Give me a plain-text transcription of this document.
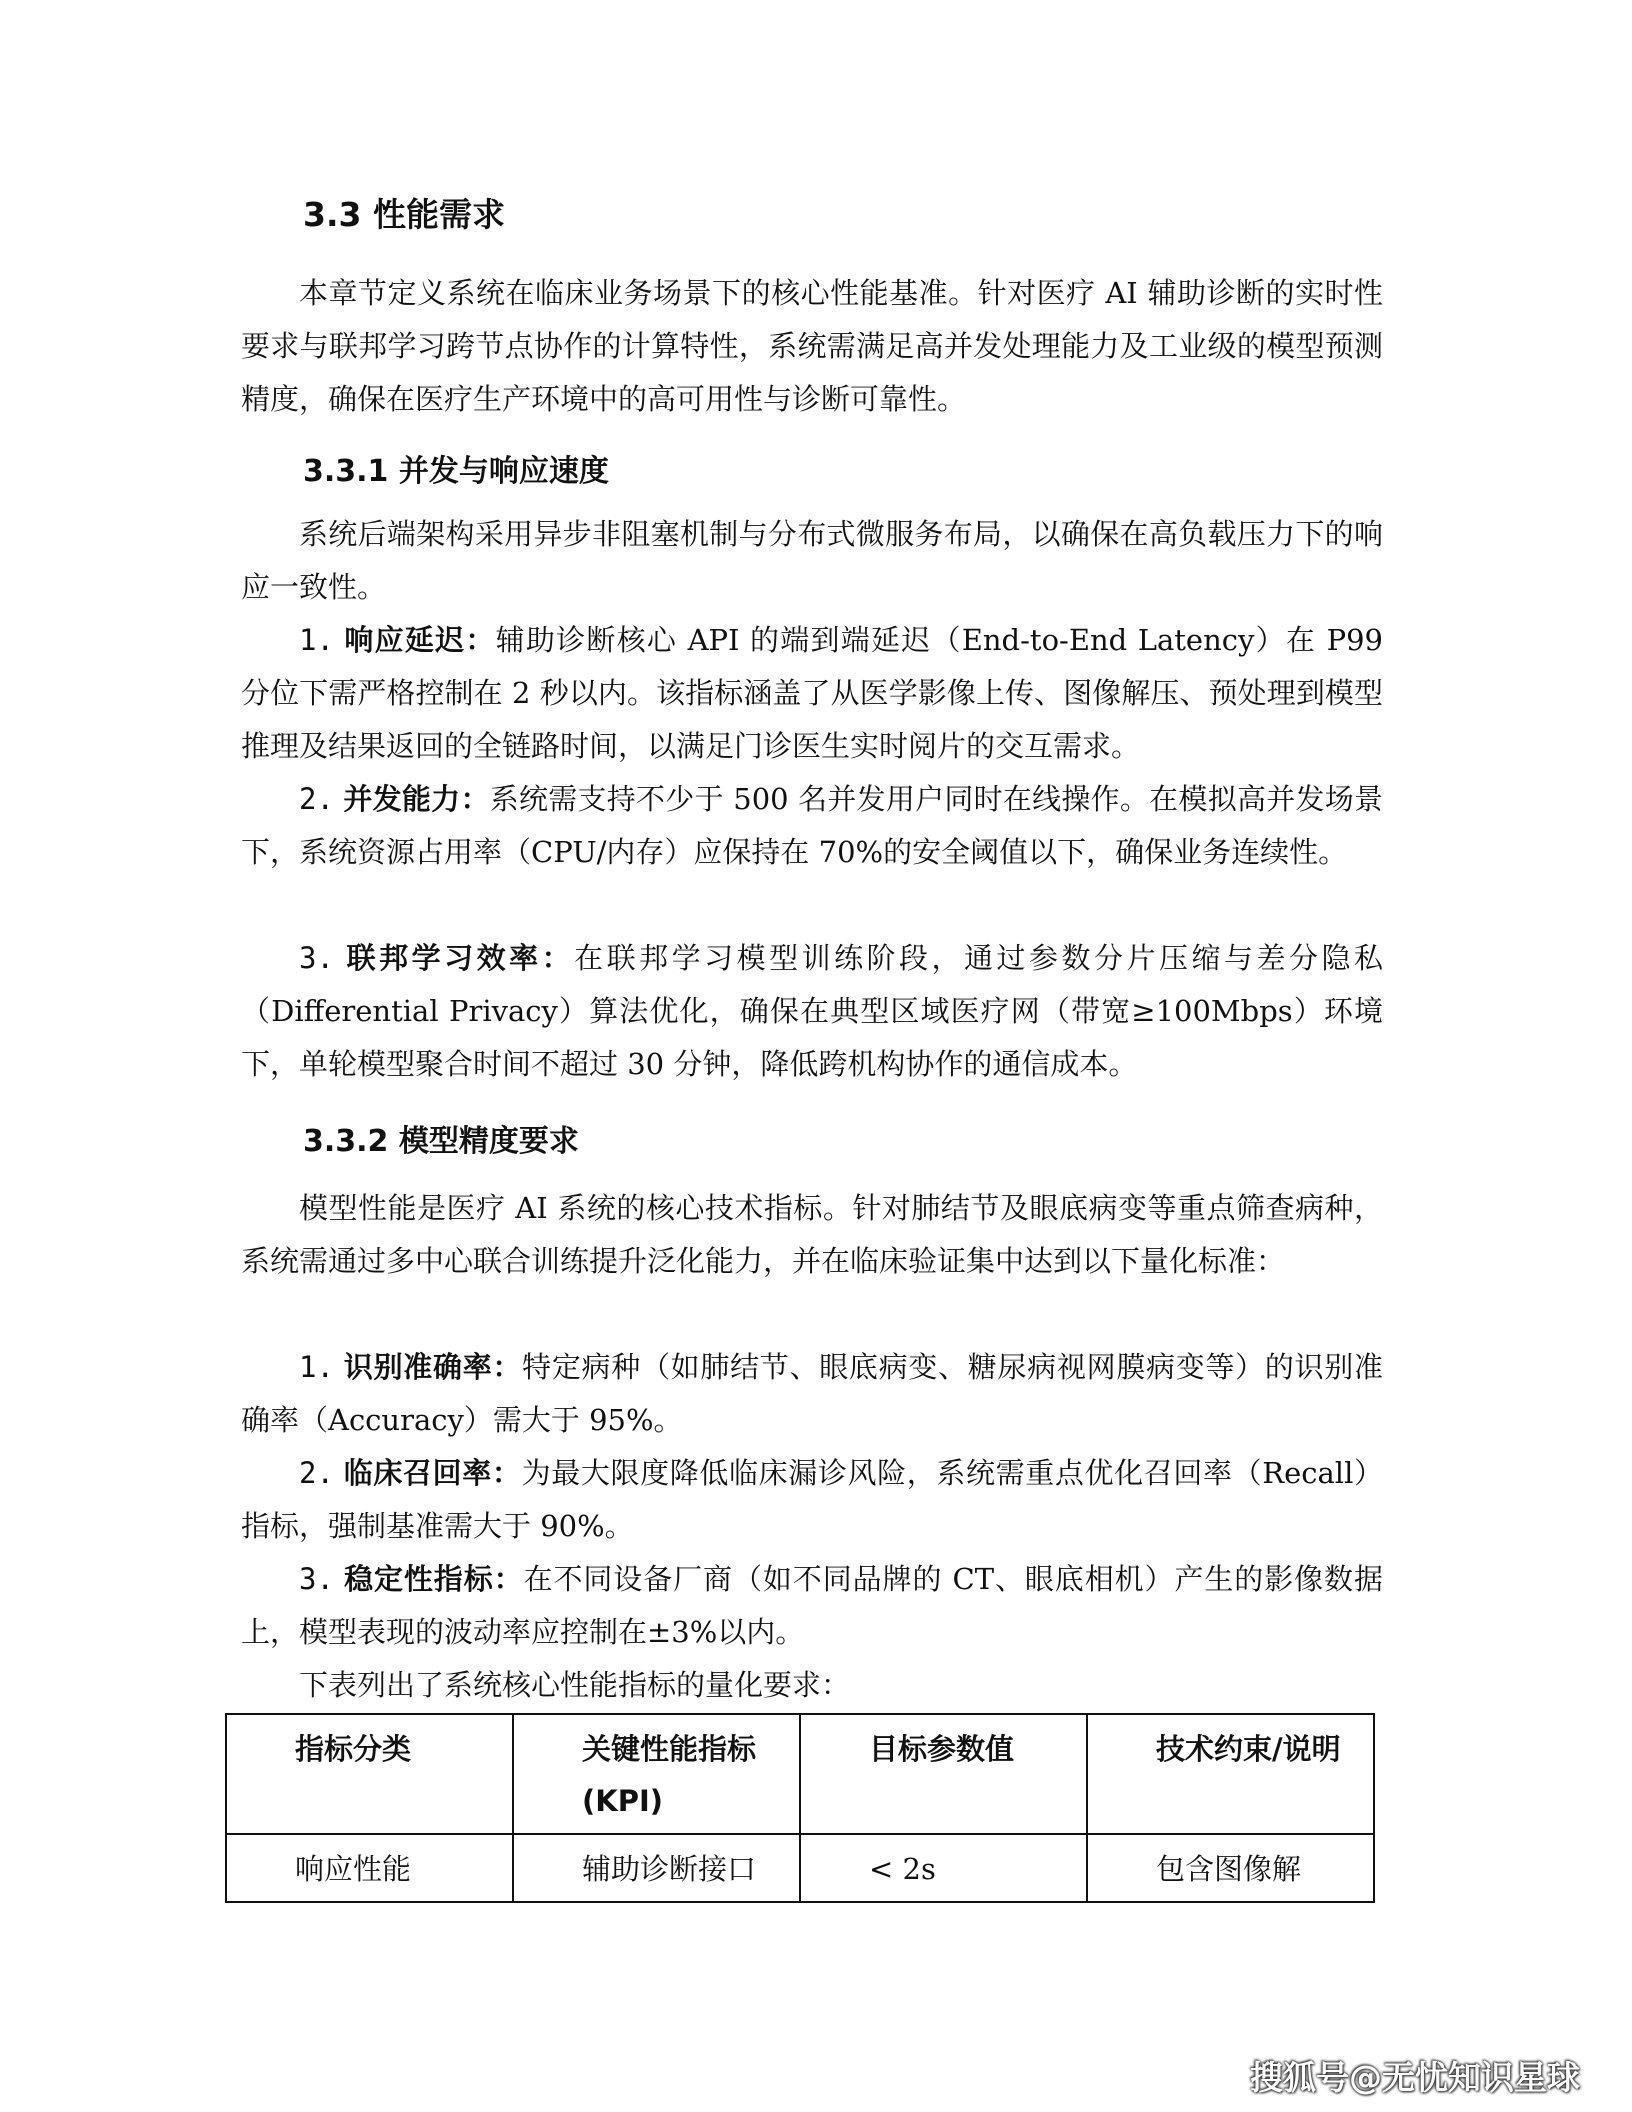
3.3 性能需求

本章节定义系统在临床业务场景下的核心性能基准。针对医疗 AI 辅助诊断的实时性要求与联邦学习跨节点协作的计算特性，系统需满足高并发处理能力及工业级的模型预测精度，确保在医疗生产环境中的高可用性与诊断可靠性。

3.3.1 并发与响应速度

系统后端架构采用异步非阻塞机制与分布式微服务布局，以确保在高负载压力下的响应一致性。

1. 响应延迟：辅助诊断核心 API 的端到端延迟（End-to-End Latency）在 P99 分位下需严格控制在 2 秒以内。该指标涵盖了从医学影像上传、图像解压、预处理到模型推理及结果返回的全链路时间，以满足门诊医生实时阅片的交互需求。

2. 并发能力：系统需支持不少于 500 名并发用户同时在线操作。在模拟高并发场景下，系统资源占用率（CPU/内存）应保持在 70%的安全阈值以下，确保业务连续性。

3. 联邦学习效率：在联邦学习模型训练阶段，通过参数分片压缩与差分隐私（Differential Privacy）算法优化，确保在典型区域医疗网（带宽≥100Mbps）环境下，单轮模型聚合时间不超过 30 分钟，降低跨机构协作的通信成本。

3.3.2 模型精度要求

模型性能是医疗 AI 系统的核心技术指标。针对肺结节及眼底病变等重点筛查病种，系统需通过多中心联合训练提升泛化能力，并在临床验证集中达到以下量化标准：

1. 识别准确率：特定病种（如肺结节、眼底病变、糖尿病视网膜病变等）的识别准确率（Accuracy）需大于 95%。

2. 临床召回率：为最大限度降低临床漏诊风险，系统需重点优化召回率（Recall）指标，强制基准需大于 90%。

3. 稳定性指标：在不同设备厂商（如不同品牌的 CT、眼底相机）产生的影像数据上，模型表现的波动率应控制在±3%以内。

下表列出了系统核心性能指标的量化要求：

指标分类	关键性能指标(KPI)	目标参数值	技术约束/说明
响应性能	辅助诊断接口	< 2s	包含图像解
搜狐号@无忧知识星球
